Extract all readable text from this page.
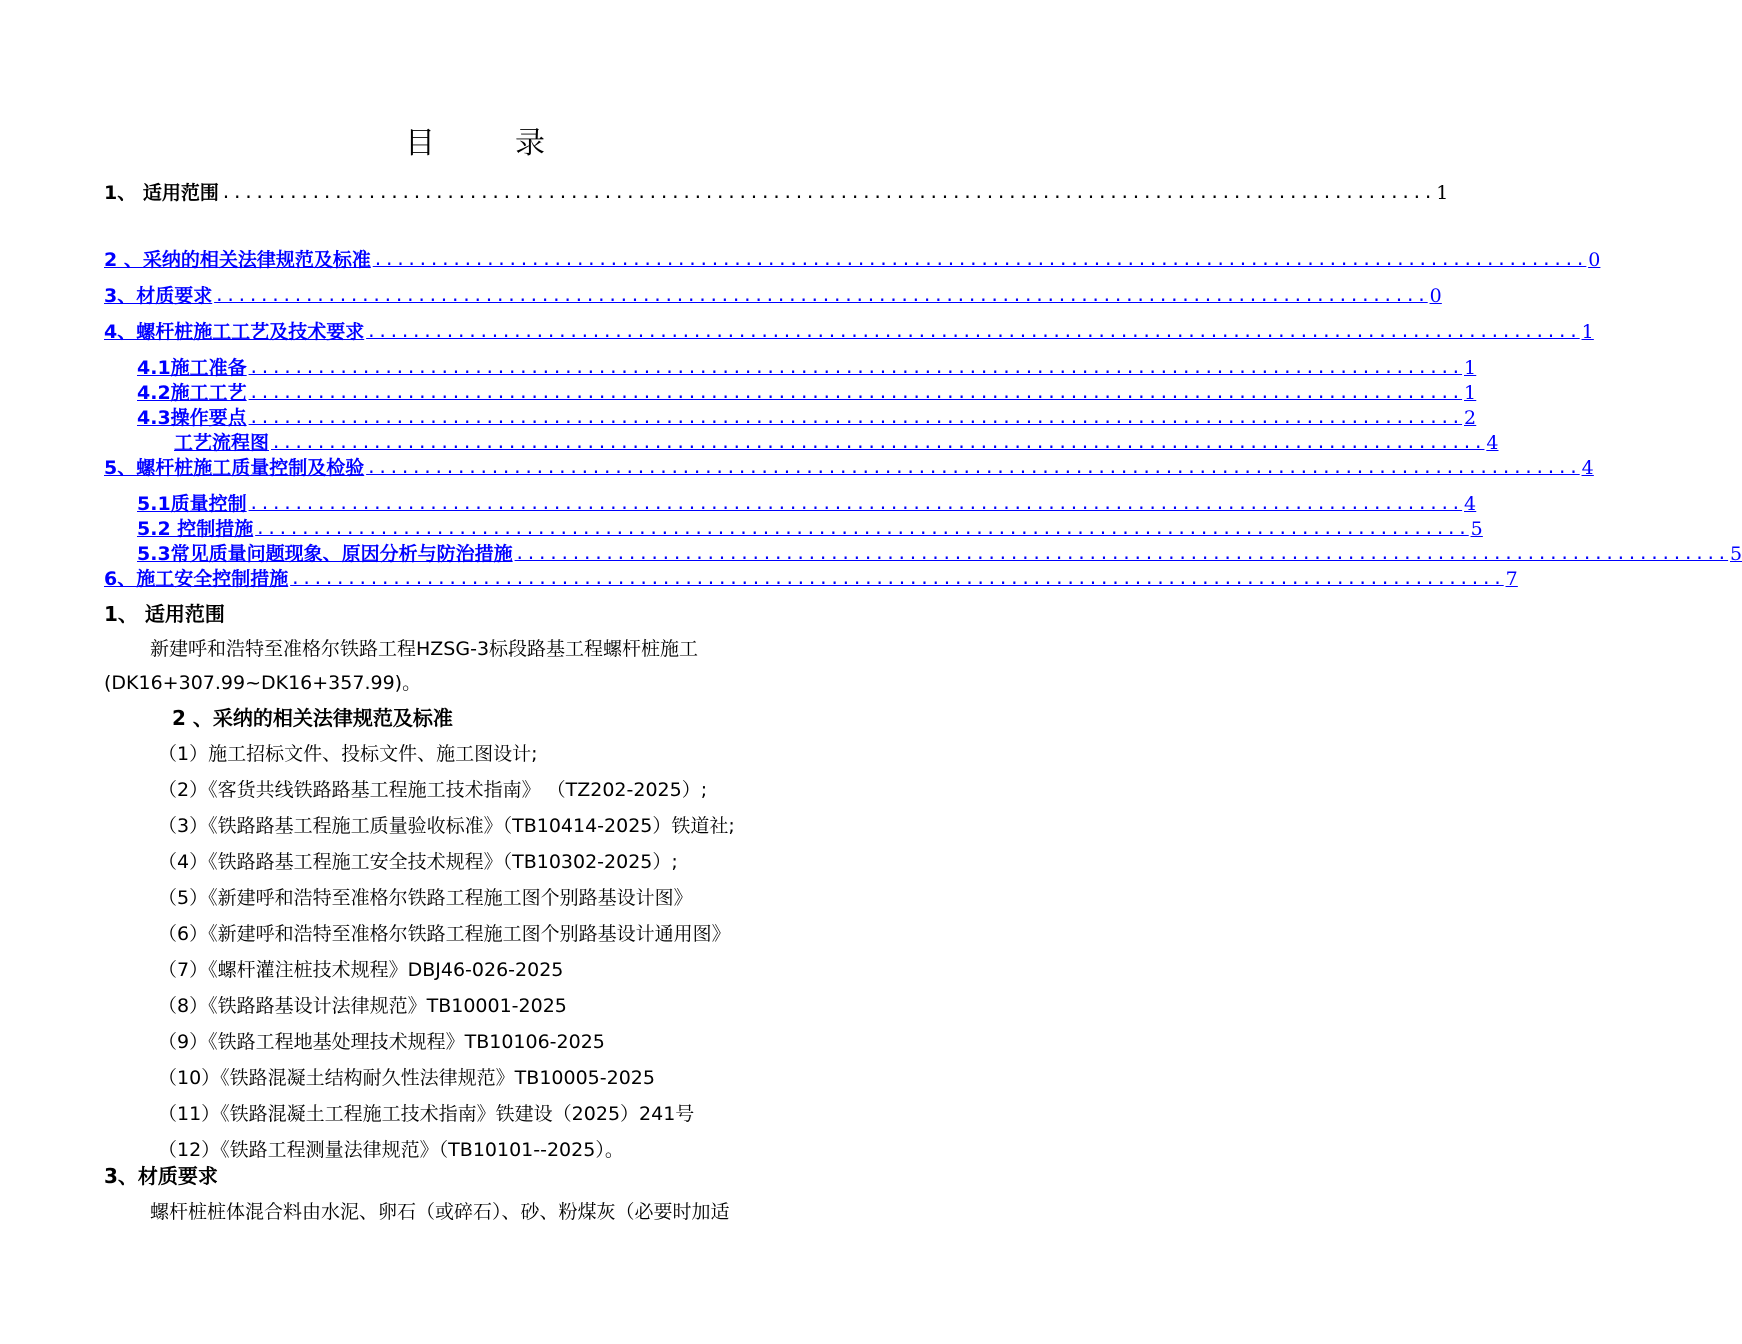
目	录
1、 适用范围 ............................................................................................................ 1
2 、采纳的相关法律规范及标准 ............................................................................................................ 0
3、材质要求 ............................................................................................................ 0
4、螺杆桩施工工艺及技术要求 ............................................................................................................ 1
4.1施工准备 ............................................................................................................ 1
4.2施工工艺 ............................................................................................................ 1
4.3操作要点 ............................................................................................................ 2
工艺流程图 ............................................................................................................ 4
5、螺杆桩施工质量控制及检验 ............................................................................................................ 4
5.1质量控制 ............................................................................................................ 4
5.2 控制措施 ............................................................................................................ 5
5.3常见质量问题现象、原因分析与防治措施 ............................................................................................................ 5
6、施工安全控制措施 ............................................................................................................ 7
1、 适用范围
新建呼和浩特至准格尔铁路工程HZSG-3标段路基工程螺杆桩施工
(DK16+307.99~DK16+357.99)。
2 、采纳的相关法律规范及标准
（1）施工招标文件、投标文件、施工图设计;
（2）《客货共线铁路路基工程施工技术指南》 （TZ202-2025）;
（3）《铁路路基工程施工质量验收标准》（TB10414-2025）铁道社;
（4）《铁路路基工程施工安全技术规程》（TB10302-2025）;
（5）《新建呼和浩特至准格尔铁路工程施工图个别路基设计图》
（6）《新建呼和浩特至准格尔铁路工程施工图个别路基设计通用图》
（7）《螺杆灌注桩技术规程》DBJ46-026-2025
（8）《铁路路基设计法律规范》TB10001-2025
（9）《铁路工程地基处理技术规程》TB10106-2025
（10）《铁路混凝土结构耐久性法律规范》TB10005-2025
（11）《铁路混凝土工程施工技术指南》铁建设（2025）241号
（12）《铁路工程测量法律规范》（TB10101--2025）。
3、材质要求
螺杆桩桩体混合料由水泥、卵石（或碎石）、砂、粉煤灰（必要时加适
